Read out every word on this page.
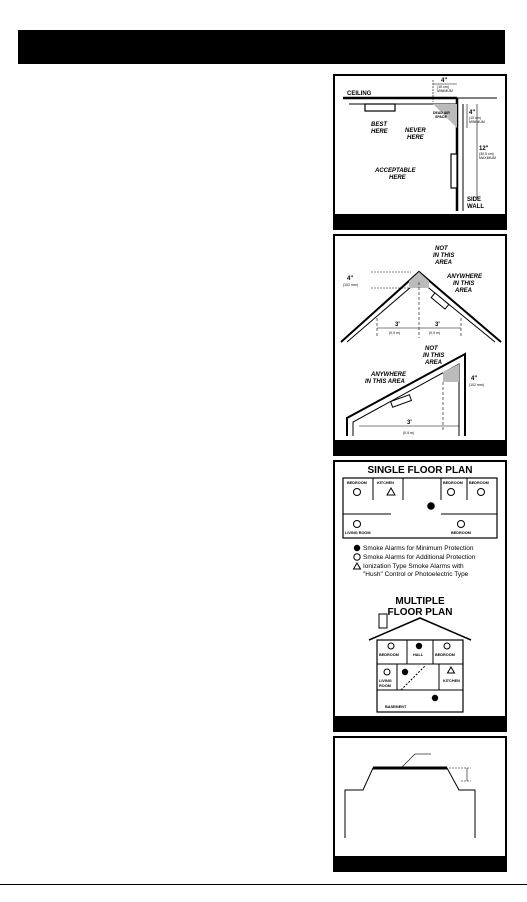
CEILING
4"
(10 cm)
MINIMUM
DEAD AIR
SPACE
4"
(10 cm)
MINIMUM
12"
(30,5 cm)
MAXIMUM
BEST
HERE	NEVER
HERE
ACCEPTABLE
HERE
SIDE
WALL
NOT
IN THIS
AREA
ANYWHERE
IN THIS
AREA
4"
(102 mm)
3'
(0,9 m)
3'
(0,9 m)
NOT
IN THIS
AREA
ANYWHERE
IN THIS AREA	4"
(102 mm)
3'
(0,9 m)
SINGLE FLOOR PLAN
BEDROOM	KITCHEN	BEDROOM BEDROOM
LIVING ROOM	BEDROOM
Smoke Alarms for Minimum Protection
Smoke Alarms for Additional Protection
Ionization Type Smoke Alarms with
"Hush" Control or Photoelectric Type
MULTIPLE
FLOOR PLAN
BEDROOM	HALL	BEDROOM
LIVING
ROOM
KITCHEN
BASEMENT
